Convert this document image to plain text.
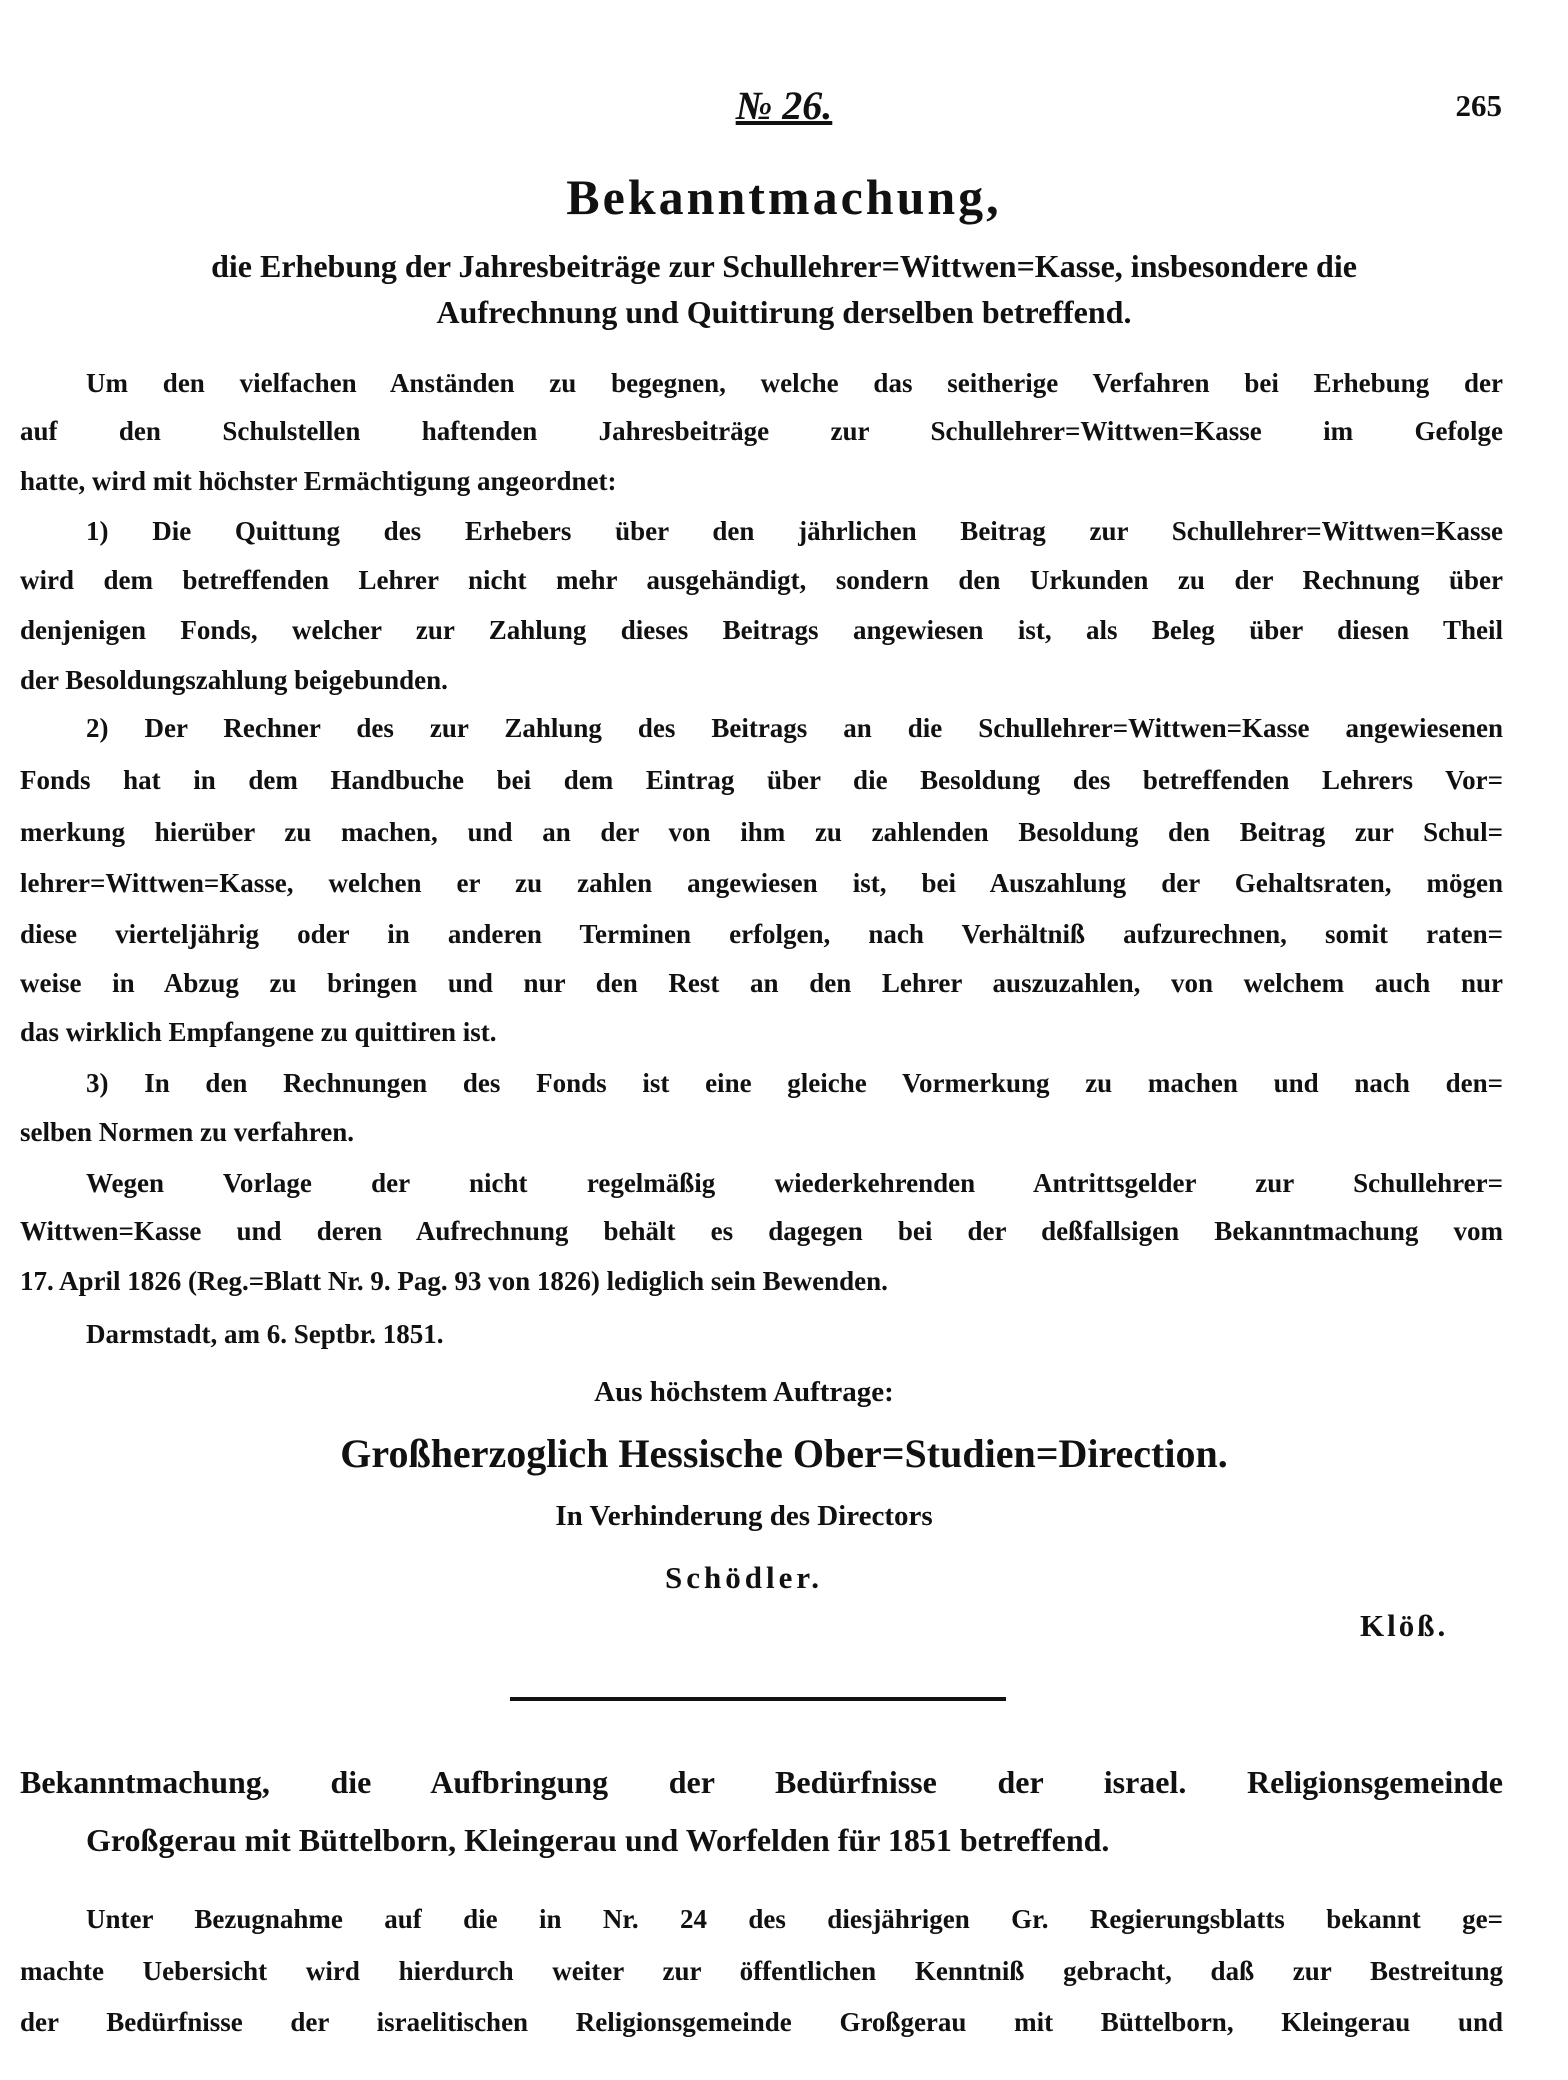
№ 26.	265
Bekanntmachung,
die Erhebung der Jahresbeiträge zur Schullehrer=Wittwen=Kasse, insbesondere die
Aufrechnung und Quittirung derselben betreffend.
Um den vielfachen Anständen zu begegnen, welche das seitherige Verfahren bei Erhebung der
auf den Schulstellen haftenden Jahresbeiträge zur Schullehrer=Wittwen=Kasse im Gefolge
hatte, wird mit höchster Ermächtigung angeordnet:
1) Die Quittung des Erhebers über den jährlichen Beitrag zur Schullehrer=Wittwen=Kasse
wird dem betreffenden Lehrer nicht mehr ausgehändigt, sondern den Urkunden zu der Rechnung über
denjenigen Fonds, welcher zur Zahlung dieses Beitrags angewiesen ist, als Beleg über diesen Theil
der Besoldungszahlung beigebunden.
2) Der Rechner des zur Zahlung des Beitrags an die Schullehrer=Wittwen=Kasse angewiesenen
Fonds hat in dem Handbuche bei dem Eintrag über die Besoldung des betreffenden Lehrers Vor=
merkung hierüber zu machen, und an der von ihm zu zahlenden Besoldung den Beitrag zur Schul=
lehrer=Wittwen=Kasse, welchen er zu zahlen angewiesen ist, bei Auszahlung der Gehaltsraten, mögen
diese vierteljährig oder in anderen Terminen erfolgen, nach Verhältniß aufzurechnen, somit raten=
weise in Abzug zu bringen und nur den Rest an den Lehrer auszuzahlen, von welchem auch nur
das wirklich Empfangene zu quittiren ist.
3) In den Rechnungen des Fonds ist eine gleiche Vormerkung zu machen und nach den=
selben Normen zu verfahren.
Wegen Vorlage der nicht regelmäßig wiederkehrenden Antrittsgelder zur Schullehrer=
Wittwen=Kasse und deren Aufrechnung behält es dagegen bei der deßfallsigen Bekanntmachung vom
17. April 1826 (Reg.=Blatt Nr. 9. Pag. 93 von 1826) lediglich sein Bewenden.
Darmstadt, am 6. Septbr. 1851.
Aus höchstem Auftrage:
Großherzoglich Hessische Ober=Studien=Direction.
In Verhinderung des Directors
Schödler.
Klöß.
Bekanntmachung, die Aufbringung der Bedürfnisse der israel. Religionsgemeinde
Großgerau mit Büttelborn, Kleingerau und Worfelden für 1851 betreffend.
Unter Bezugnahme auf die in Nr. 24 des diesjährigen Gr. Regierungsblatts bekannt ge=
machte Uebersicht wird hierdurch weiter zur öffentlichen Kenntniß gebracht, daß zur Bestreitung
der Bedürfnisse der israelitischen Religionsgemeinde Großgerau mit Büttelborn, Kleingerau und
